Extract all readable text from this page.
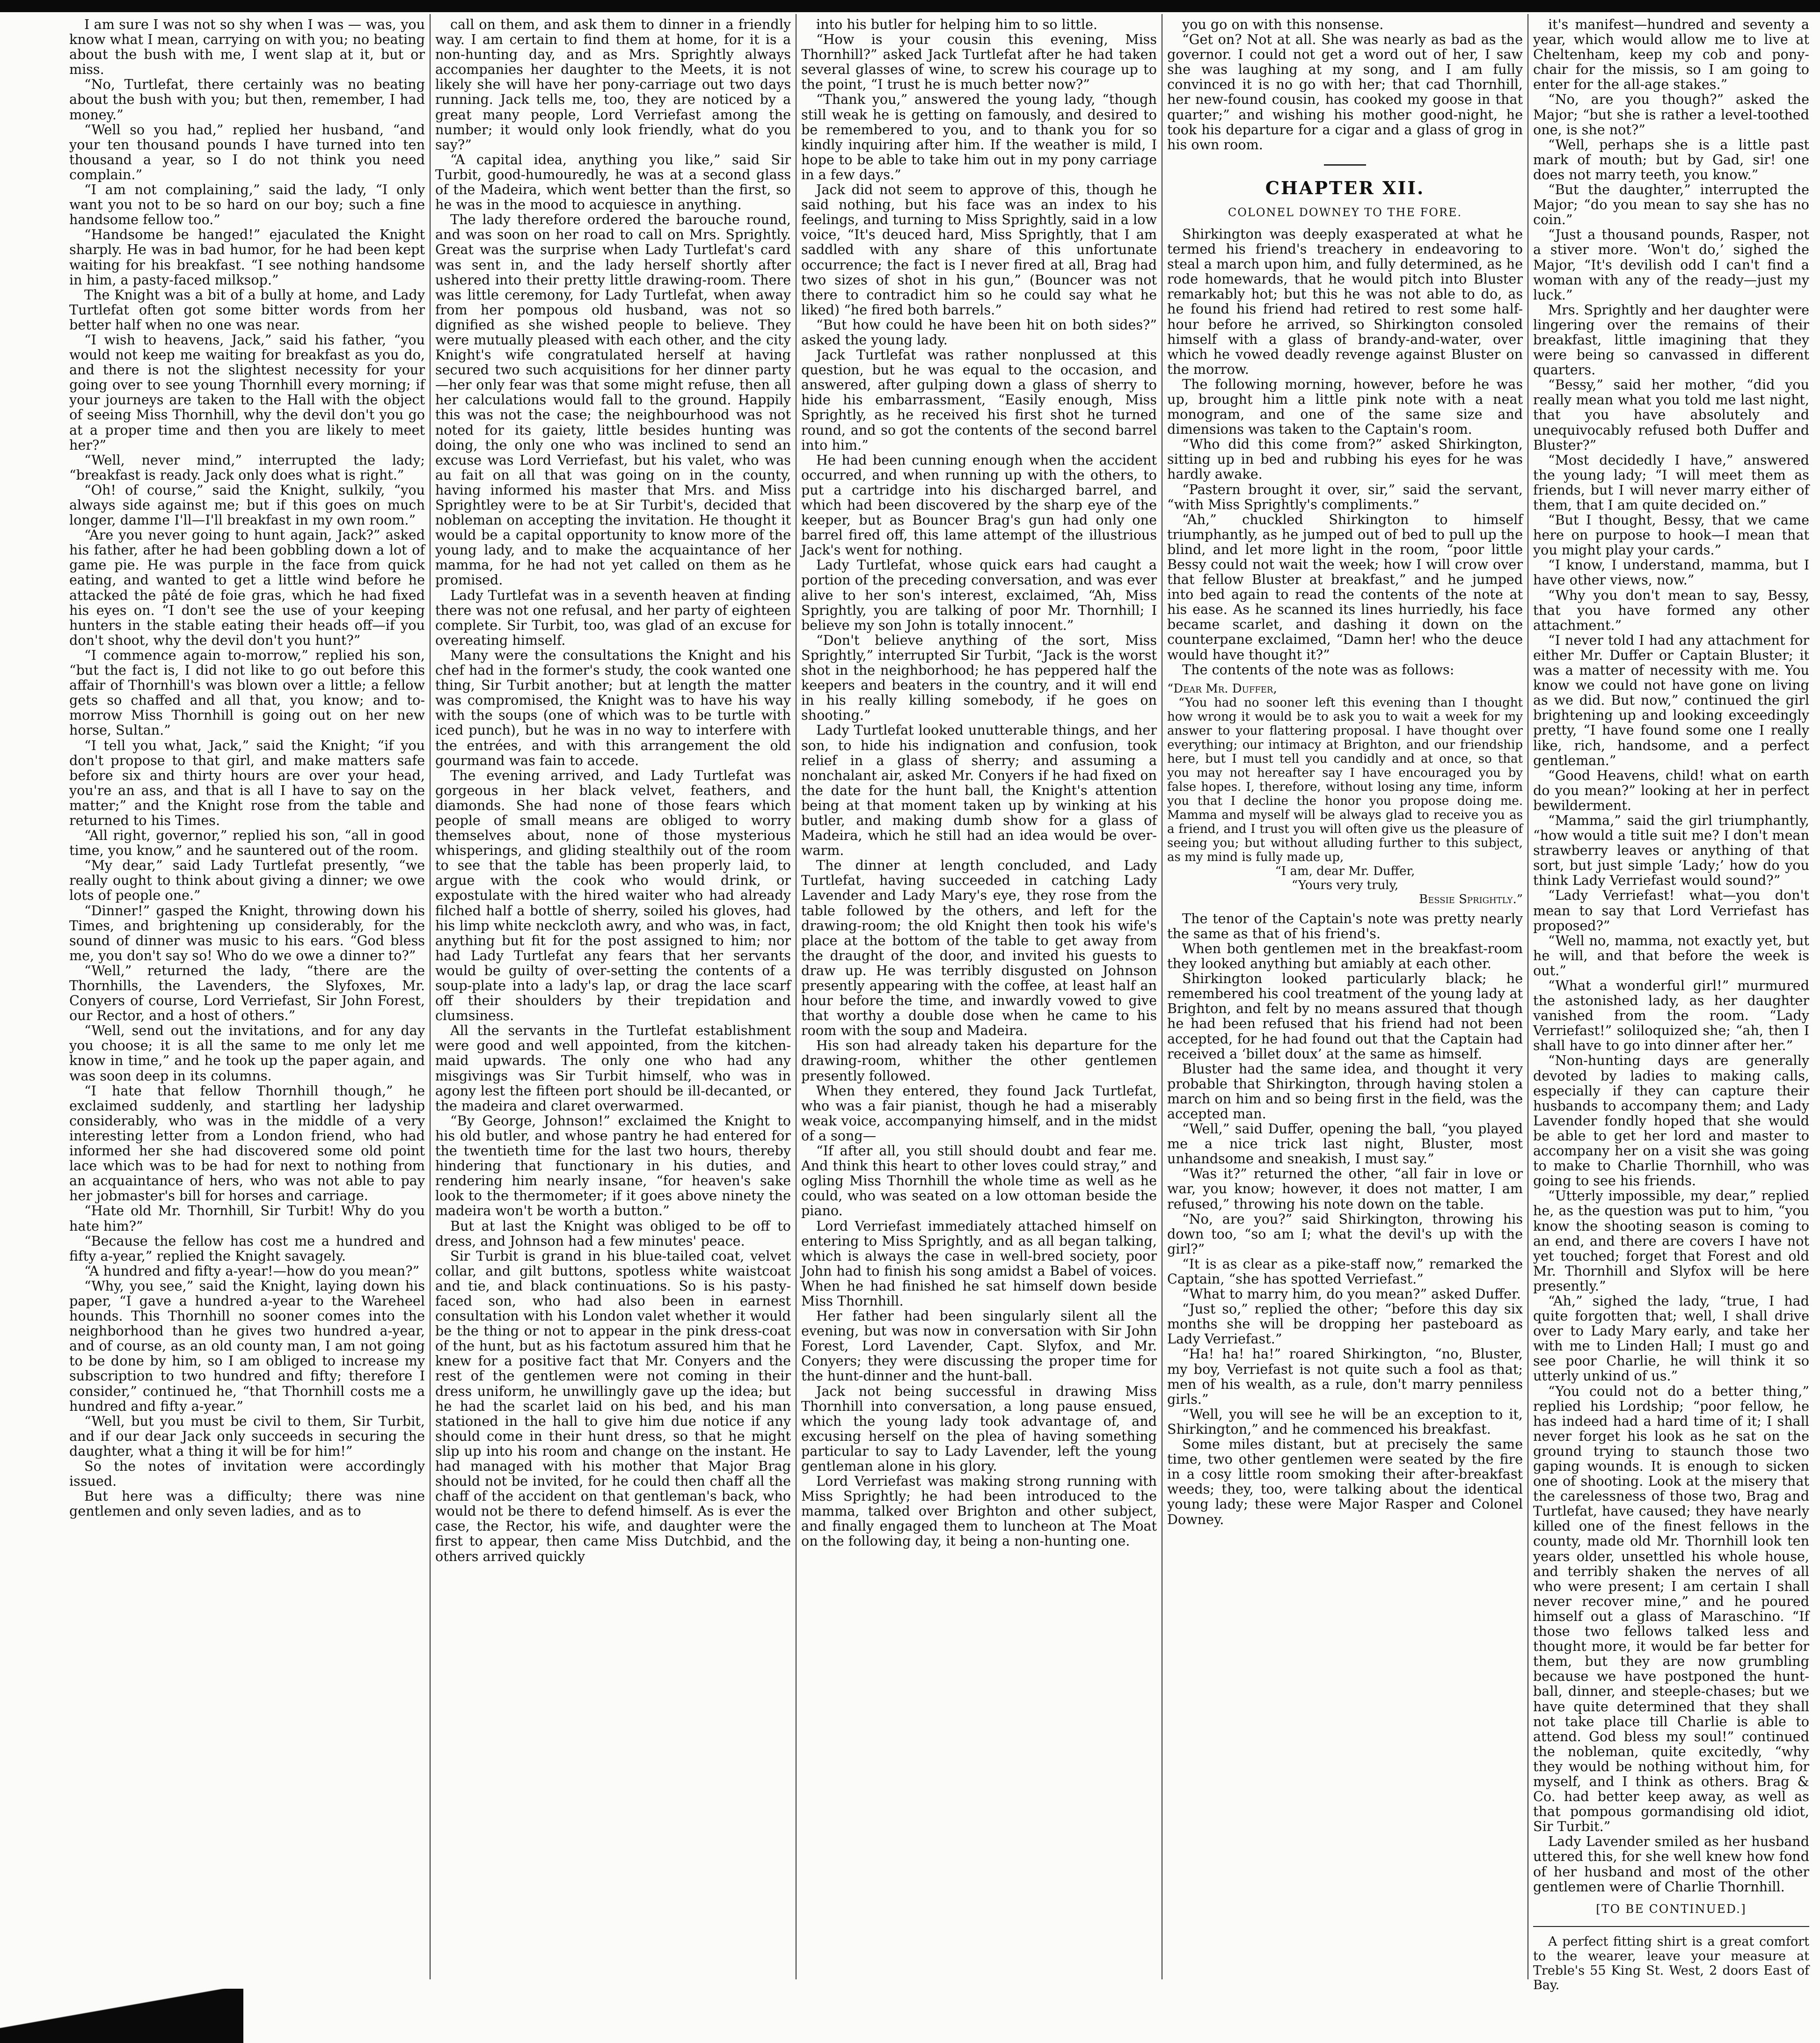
I am sure I was not so shy when I was — was, you know what I mean, carrying on with you; no beating about the bush with me, I went slap at it, but or miss.

“No, Turtlefat, there certainly was no beating about the bush with you; but then, remember, I had money.”

“Well so you had,” replied her husband, “and your ten thousand pounds I have turned into ten thousand a year, so I do not think you need complain.”

“I am not complaining,” said the lady, “I only want you not to be so hard on our boy; such a fine handsome fellow too.”

“Handsome be hanged!” ejaculated the Knight sharply. He was in bad humor, for he had been kept waiting for his breakfast. “I see nothing handsome in him, a pasty-faced milksop.”

The Knight was a bit of a bully at home, and Lady Turtlefat often got some bitter words from her better half when no one was near.

“I wish to heavens, Jack,” said his father, “you would not keep me waiting for breakfast as you do, and there is not the slightest necessity for your going over to see young Thornhill every morning; if your journeys are taken to the Hall with the object of seeing Miss Thornhill, why the devil don't you go at a proper time and then you are likely to meet her?”

“Well, never mind,” interrupted the lady; “breakfast is ready. Jack only does what is right.”

“Oh! of course,” said the Knight, sulkily, “you always side against me; but if this goes on much longer, damme I'll—I'll breakfast in my own room.”

“Are you never going to hunt again, Jack?” asked his father, after he had been gobbling down a lot of game pie. He was purple in the face from quick eating, and wanted to get a little wind before he attacked the pâté de foie gras, which he had fixed his eyes on. “I don't see the use of your keeping hunters in the stable eating their heads off—if you don't shoot, why the devil don't you hunt?”

“I commence again to-morrow,” replied his son, “but the fact is, I did not like to go out before this affair of Thornhill's was blown over a little; a fellow gets so chaffed and all that, you know; and to-morrow Miss Thornhill is going out on her new horse, Sultan.”

“I tell you what, Jack,” said the Knight; “if you don't propose to that girl, and make matters safe before six and thirty hours are over your head, you're an ass, and that is all I have to say on the matter;” and the Knight rose from the table and returned to his Times.

“All right, governor,” replied his son, “all in good time, you know,” and he sauntered out of the room.

“My dear,” said Lady Turtlefat presently, “we really ought to think about giving a dinner; we owe lots of people one.”

“Dinner!” gasped the Knight, throwing down his Times, and brightening up considerably, for the sound of dinner was music to his ears. “God bless me, you don't say so! Who do we owe a dinner to?”

“Well,” returned the lady, “there are the Thornhills, the Lavenders, the Slyfoxes, Mr. Conyers of course, Lord Verriefast, Sir John Forest, our Rector, and a host of others.”

“Well, send out the invitations, and for any day you choose; it is all the same to me only let me know in time,” and he took up the paper again, and was soon deep in its columns.

“I hate that fellow Thornhill though,” he exclaimed suddenly, and startling her ladyship considerably, who was in the middle of a very interesting letter from a London friend, who had informed her she had discovered some old point lace which was to be had for next to nothing from an acquaintance of hers, who was not able to pay her jobmaster's bill for horses and carriage.

“Hate old Mr. Thornhill, Sir Turbit! Why do you hate him?”

“Because the fellow has cost me a hundred and fifty a-year,” replied the Knight savagely.

“A hundred and fifty a-year!—how do you mean?”

“Why, you see,” said the Knight, laying down his paper, “I gave a hundred a-year to the Wareheel hounds. This Thornhill no sooner comes into the neighborhood than he gives two hundred a-year, and of course, as an old county man, I am not going to be done by him, so I am obliged to increase my subscription to two hundred and fifty; therefore I consider,” continued he, “that Thornhill costs me a hundred and fifty a-year.”

“Well, but you must be civil to them, Sir Turbit, and if our dear Jack only succeeds in securing the daughter, what a thing it will be for him!”

So the notes of invitation were accordingly issued.

But here was a difficulty; there was nine gentlemen and only seven ladies, and as to

call on them, and ask them to dinner in a friendly way. I am certain to find them at home, for it is a non-hunting day, and as Mrs. Sprightly always accompanies her daughter to the Meets, it is not likely she will have her pony-carriage out two days running. Jack tells me, too, they are noticed by a great many people, Lord Verriefast among the number; it would only look friendly, what do you say?”

“A capital idea, anything you like,” said Sir Turbit, good-humouredly, he was at a second glass of the Madeira, which went better than the first, so he was in the mood to acquiesce in anything.

The lady therefore ordered the barouche round, and was soon on her road to call on Mrs. Sprightly. Great was the surprise when Lady Turtlefat's card was sent in, and the lady herself shortly after ushered into their pretty little drawing-room. There was little ceremony, for Lady Turtlefat, when away from her pompous old husband, was not so dignified as she wished people to believe. They were mutually pleased with each other, and the city Knight's wife congratulated herself at having secured two such acquisitions for her dinner party—her only fear was that some might refuse, then all her calculations would fall to the ground. Happily this was not the case; the neighbourhood was not noted for its gaiety, little besides hunting was doing, the only one who was inclined to send an excuse was Lord Verriefast, but his valet, who was au fait on all that was going on in the county, having informed his master that Mrs. and Miss Sprightley were to be at Sir Turbit's, decided that nobleman on accepting the invitation. He thought it would be a capital opportunity to know more of the young lady, and to make the acquaintance of her mamma, for he had not yet called on them as he promised.

Lady Turtlefat was in a seventh heaven at finding there was not one refusal, and her party of eighteen complete. Sir Turbit, too, was glad of an excuse for overeating himself.

Many were the consultations the Knight and his chef had in the former's study, the cook wanted one thing, Sir Turbit another; but at length the matter was compromised, the Knight was to have his way with the soups (one of which was to be turtle with iced punch), but he was in no way to interfere with the entrées, and with this arrangement the old gourmand was fain to accede.

The evening arrived, and Lady Turtlefat was gorgeous in her black velvet, feathers, and diamonds. She had none of those fears which people of small means are obliged to worry themselves about, none of those mysterious whisperings, and gliding stealthily out of the room to see that the table has been properly laid, to argue with the cook who would drink, or expostulate with the hired waiter who had already filched half a bottle of sherry, soiled his gloves, had his limp white neckcloth awry, and who was, in fact, anything but fit for the post assigned to him; nor had Lady Turtlefat any fears that her servants would be guilty of over-setting the contents of a soup-plate into a lady's lap, or drag the lace scarf off their shoulders by their trepidation and clumsiness.

All the servants in the Turtlefat establishment were good and well appointed, from the kitchen-maid upwards. The only one who had any misgivings was Sir Turbit himself, who was in agony lest the fifteen port should be ill-decanted, or the madeira and claret overwarmed.

“By George, Johnson!” exclaimed the Knight to his old butler, and whose pantry he had entered for the twentieth time for the last two hours, thereby hindering that functionary in his duties, and rendering him nearly insane, “for heaven's sake look to the thermometer; if it goes above ninety the madeira won't be worth a button.”

But at last the Knight was obliged to be off to dress, and Johnson had a few minutes' peace.

Sir Turbit is grand in his blue-tailed coat, velvet collar, and gilt buttons, spotless white waistcoat and tie, and black continuations. So is his pasty-faced son, who had also been in earnest consultation with his London valet whether it would be the thing or not to appear in the pink dress-coat of the hunt, but as his factotum assured him that he knew for a positive fact that Mr. Conyers and the rest of the gentlemen were not coming in their dress uniform, he unwillingly gave up the idea; but he had the scarlet laid on his bed, and his man stationed in the hall to give him due notice if any should come in their hunt dress, so that he might slip up into his room and change on the instant. He had managed with his mother that Major Brag should not be invited, for he could then chaff all the chaff of the accident on that gentleman's back, who would not be there to defend himself. As is ever the case, the Rector, his wife, and daughter were the first to appear, then came Miss Dutchbid, and the others arrived quickly

into his butler for helping him to so little.

“How is your cousin this evening, Miss Thornhill?” asked Jack Turtlefat after he had taken several glasses of wine, to screw his courage up to the point, “I trust he is much better now?”

“Thank you,” answered the young lady, “though still weak he is getting on famously, and desired to be remembered to you, and to thank you for so kindly inquiring after him. If the weather is mild, I hope to be able to take him out in my pony carriage in a few days.”

Jack did not seem to approve of this, though he said nothing, but his face was an index to his feelings, and turning to Miss Sprightly, said in a low voice, “It's deuced hard, Miss Sprightly, that I am saddled with any share of this unfortunate occurrence; the fact is I never fired at all, Brag had two sizes of shot in his gun,” (Bouncer was not there to contradict him so he could say what he liked) “he fired both barrels.”

“But how could he have been hit on both sides?” asked the young lady.

Jack Turtlefat was rather nonplussed at this question, but he was equal to the occasion, and answered, after gulping down a glass of sherry to hide his embarrassment, “Easily enough, Miss Sprightly, as he received his first shot he turned round, and so got the contents of the second barrel into him.”

He had been cunning enough when the accident occurred, and when running up with the others, to put a cartridge into his discharged barrel, and which had been discovered by the sharp eye of the keeper, but as Bouncer Brag's gun had only one barrel fired off, this lame attempt of the illustrious Jack's went for nothing.

Lady Turtlefat, whose quick ears had caught a portion of the preceding conversation, and was ever alive to her son's interest, exclaimed, “Ah, Miss Sprightly, you are talking of poor Mr. Thornhill; I believe my son John is totally innocent.”

“Don't believe anything of the sort, Miss Sprightly,” interrupted Sir Turbit, “Jack is the worst shot in the neighborhood; he has peppered half the keepers and beaters in the country, and it will end in his really killing somebody, if he goes on shooting.”

Lady Turtlefat looked unutterable things, and her son, to hide his indignation and confusion, took relief in a glass of sherry; and assuming a nonchalant air, asked Mr. Conyers if he had fixed on the date for the hunt ball, the Knight's attention being at that moment taken up by winking at his butler, and making dumb show for a glass of Madeira, which he still had an idea would be over-warm.

The dinner at length concluded, and Lady Turtlefat, having succeeded in catching Lady Lavender and Lady Mary's eye, they rose from the table followed by the others, and left for the drawing-room; the old Knight then took his wife's place at the bottom of the table to get away from the draught of the door, and invited his guests to draw up. He was terribly disgusted on Johnson presently appearing with the coffee, at least half an hour before the time, and inwardly vowed to give that worthy a double dose when he came to his room with the soup and Madeira.

His son had already taken his departure for the drawing-room, whither the other gentlemen presently followed.

When they entered, they found Jack Turtlefat, who was a fair pianist, though he had a miserably weak voice, accompanying himself, and in the midst of a song—

“If after all, you still should doubt and fear me. And think this heart to other loves could stray,” and ogling Miss Thornhill the whole time as well as he could, who was seated on a low ottoman beside the piano.

Lord Verriefast immediately attached himself on entering to Miss Sprightly, and as all began talking, which is always the case in well-bred society, poor John had to finish his song amidst a Babel of voices. When he had finished he sat himself down beside Miss Thornhill.

Her father had been singularly silent all the evening, but was now in conversation with Sir John Forest, Lord Lavender, Capt. Slyfox, and Mr. Conyers; they were discussing the proper time for the hunt-dinner and the hunt-ball.

Jack not being successful in drawing Miss Thornhill into conversation, a long pause ensued, which the young lady took advantage of, and excusing herself on the plea of having something particular to say to Lady Lavender, left the young gentleman alone in his glory.

Lord Verriefast was making strong running with Miss Sprightly; he had been introduced to the mamma, talked over Brighton and other subject, and finally engaged them to luncheon at The Moat on the following day, it being a non-hunting one.

you go on with this nonsense.

“Get on? Not at all. She was nearly as bad as the governor. I could not get a word out of her, I saw she was laughing at my song, and I am fully convinced it is no go with her; that cad Thornhill, her new-found cousin, has cooked my goose in that quarter;” and wishing his mother good-night, he took his departure for a cigar and a glass of grog in his own room.

CHAPTER XII.
COLONEL DOWNEY TO THE FORE.

Shirkington was deeply exasperated at what he termed his friend's treachery in endeavoring to steal a march upon him, and fully determined, as he rode homewards, that he would pitch into Bluster remarkably hot; but this he was not able to do, as he found his friend had retired to rest some half-hour before he arrived, so Shirkington consoled himself with a glass of brandy-and-water, over which he vowed deadly revenge against Bluster on the morrow.

The following morning, however, before he was up, brought him a little pink note with a neat monogram, and one of the same size and dimensions was taken to the Captain's room.

“Who did this come from?” asked Shirkington, sitting up in bed and rubbing his eyes for he was hardly awake.

“Pastern brought it over, sir,” said the servant, “with Miss Sprightly's compliments.”

“Ah,” chuckled Shirkington to himself triumphantly, as he jumped out of bed to pull up the blind, and let more light in the room, “poor little Bessy could not wait the week; how I will crow over that fellow Bluster at breakfast,” and he jumped into bed again to read the contents of the note at his ease. As he scanned its lines hurriedly, his face became scarlet, and dashing it down on the counterpane exclaimed, “Damn her! who the deuce would have thought it?”

The contents of the note was as follows:

“Dear Mr. Duffer,

“You had no sooner left this evening than I thought how wrong it would be to ask you to wait a week for my answer to your flattering proposal. I have thought over everything; our intimacy at Brighton, and our friendship here, but I must tell you candidly and at once, so that you may not hereafter say I have encouraged you by false hopes. I, therefore, without losing any time, inform you that I decline the honor you propose doing me. Mamma and myself will be always glad to receive you as a friend, and I trust you will often give us the pleasure of seeing you; but without alluding further to this subject, as my mind is fully made up,

“I am, dear Mr. Duffer,

“Yours very truly,

Bessie Sprightly.”

The tenor of the Captain's note was pretty nearly the same as that of his friend's.

When both gentlemen met in the breakfast-room they looked anything but amiably at each other.

Shirkington looked particularly black; he remembered his cool treatment of the young lady at Brighton, and felt by no means assured that though he had been refused that his friend had not been accepted, for he had found out that the Captain had received a ‘billet doux’ at the same as himself.

Bluster had the same idea, and thought it very probable that Shirkington, through having stolen a march on him and so being first in the field, was the accepted man.

“Well,” said Duffer, opening the ball, “you played me a nice trick last night, Bluster, most unhandsome and sneakish, I must say.”

“Was it?” returned the other, “all fair in love or war, you know; however, it does not matter, I am refused,” throwing his note down on the table.

“No, are you?” said Shirkington, throwing his down too, “so am I; what the devil's up with the girl?”

“It is as clear as a pike-staff now,” remarked the Captain, “she has spotted Verriefast.”

“What to marry him, do you mean?” asked Duffer.

“Just so,” replied the other; “before this day six months she will be dropping her pasteboard as Lady Verriefast.”

“Ha! ha! ha!” roared Shirkington, “no, Bluster, my boy, Verriefast is not quite such a fool as that; men of his wealth, as a rule, don't marry penniless girls.”

“Well, you will see he will be an exception to it, Shirkington,” and he commenced his breakfast.

Some miles distant, but at precisely the same time, two other gentlemen were seated by the fire in a cosy little room smoking their after-breakfast weeds; they, too, were talking about the identical young lady; these were Major Rasper and Colonel Downey.

it's manifest—hundred and seventy a year, which would allow me to live at Cheltenham, keep my cob and pony-chair for the missis, so I am going to enter for the all-age stakes.”

“No, are you though?” asked the Major; “but she is rather a level-toothed one, is she not?”

“Well, perhaps she is a little past mark of mouth; but by Gad, sir! one does not marry teeth, you know.”

“But the daughter,” interrupted the Major; “do you mean to say she has no coin.”

“Just a thousand pounds, Rasper, not a stiver more. ‘Won't do,’ sighed the Major, “It's devilish odd I can't find a woman with any of the ready—just my luck.”

Mrs. Sprightly and her daughter were lingering over the remains of their breakfast, little imagining that they were being so canvassed in different quarters.

“Bessy,” said her mother, “did you really mean what you told me last night, that you have absolutely and unequivocably refused both Duffer and Bluster?”

“Most decidedly I have,” answered the young lady; “I will meet them as friends, but I will never marry either of them, that I am quite decided on.”

“But I thought, Bessy, that we came here on purpose to hook—I mean that you might play your cards.”

“I know, I understand, mamma, but I have other views, now.”

“Why you don't mean to say, Bessy, that you have formed any other attachment.”

“I never told I had any attachment for either Mr. Duffer or Captain Bluster; it was a matter of necessity with me. You know we could not have gone on living as we did. But now,” continued the girl brightening up and looking exceedingly pretty, “I have found some one I really like, rich, handsome, and a perfect gentleman.”

“Good Heavens, child! what on earth do you mean?” looking at her in perfect bewilderment.

“Mamma,” said the girl triumphantly, “how would a title suit me? I don't mean strawberry leaves or anything of that sort, but just simple ‘Lady;’ how do you think Lady Verriefast would sound?”

“Lady Verriefast! what—you don't mean to say that Lord Verriefast has proposed?”

“Well no, mamma, not exactly yet, but he will, and that before the week is out.”

“What a wonderful girl!” murmured the astonished lady, as her daughter vanished from the room. “Lady Verriefast!” soliloquized she; “ah, then I shall have to go into dinner after her.”

“Non-hunting days are generally devoted by ladies to making calls, especially if they can capture their husbands to accompany them; and Lady Lavender fondly hoped that she would be able to get her lord and master to accompany her on a visit she was going to make to Charlie Thornhill, who was going to see his friends.

“Utterly impossible, my dear,” replied he, as the question was put to him, “you know the shooting season is coming to an end, and there are covers I have not yet touched; forget that Forest and old Mr. Thornhill and Slyfox will be here presently.”

“Ah,” sighed the lady, “true, I had quite forgotten that; well, I shall drive over to Lady Mary early, and take her with me to Linden Hall; I must go and see poor Charlie, he will think it so utterly unkind of us.”

“You could not do a better thing,” replied his Lordship; “poor fellow, he has indeed had a hard time of it; I shall never forget his look as he sat on the ground trying to staunch those two gaping wounds. It is enough to sicken one of shooting. Look at the misery that the carelessness of those two, Brag and Turtlefat, have caused; they have nearly killed one of the finest fellows in the county, made old Mr. Thornhill look ten years older, unsettled his whole house, and terribly shaken the nerves of all who were present; I am certain I shall never recover mine,” and he poured himself out a glass of Maraschino. “If those two fellows talked less and thought more, it would be far better for them, but they are now grumbling because we have postponed the hunt-ball, dinner, and steeple-chases; but we have quite determined that they shall not take place till Charlie is able to attend. God bless my soul!” continued the nobleman, quite excitedly, “why they would be nothing without him, for myself, and I think as others. Brag & Co. had better keep away, as well as that pompous gormandising old idiot, Sir Turbit.”

Lady Lavender smiled as her husband uttered this, for she well knew how fond of her husband and most of the other gentlemen were of Charlie Thornhill.

[TO BE CONTINUED.]

A perfect fitting shirt is a great comfort to the wearer, leave your measure at Treble's 55 King St. West, 2 doors East of Bay.
